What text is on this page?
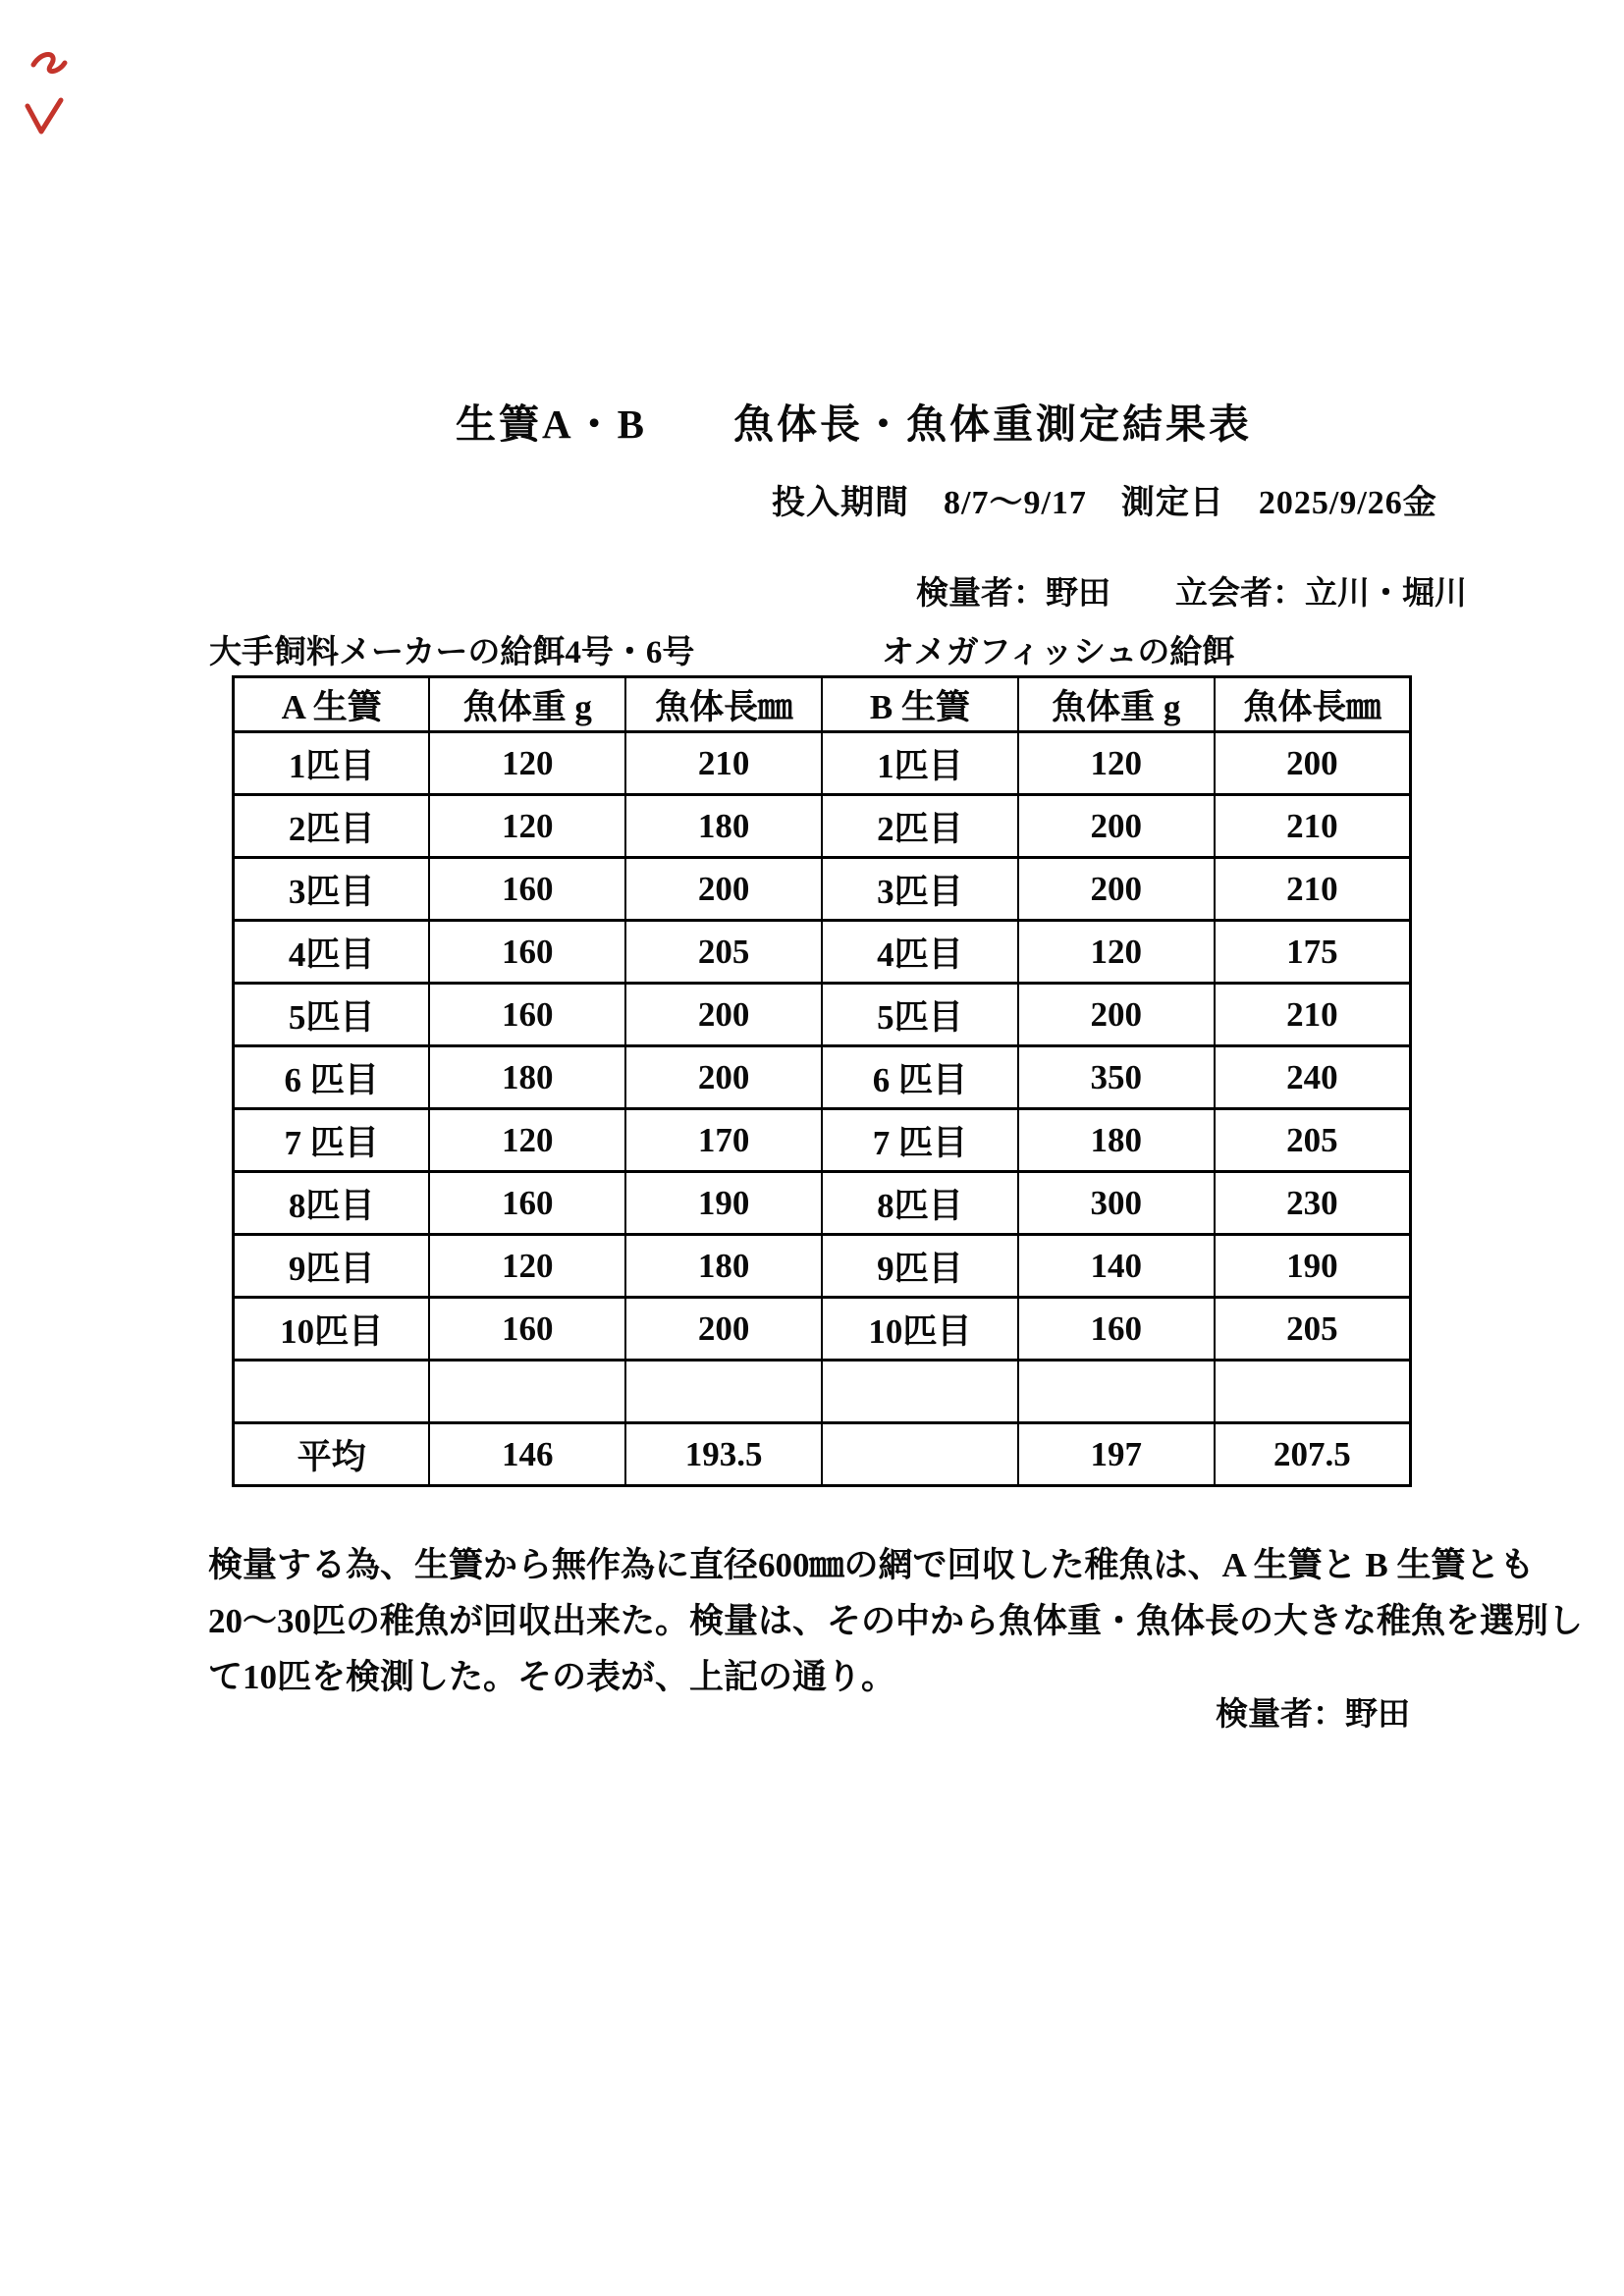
生簀A・B　　魚体長・魚体重測定結果表
投入期間　8/7～9/17　測定日　2025/9/26金
検量者：野田　　立会者：立川・堀川
大手飼料メーカーの給餌4号・6号	オメガフィッシュの給餌
A 生簀	魚体重 g	魚体長㎜	B 生簀	魚体重 g	魚体長㎜
1匹目	120	210	1匹目	120	200
2匹目	120	180	2匹目	200	210
3匹目	160	200	3匹目	200	210
4匹目	160	205	4匹目	120	175
5匹目	160	200	5匹目	200	210
6 匹目	180	200	6 匹目	350	240
7 匹目	120	170	7 匹目	180	205
8匹目	160	190	8匹目	300	230
9匹目	120	180	9匹目	140	190
10匹目	160	200	10匹目	160	205

平均	146	193.5		197	207.5
検量する為、生簀から無作為に直径600㎜の網で回収した稚魚は、A 生簀と B 生簀とも
20～30匹の稚魚が回収出来た。検量は、その中から魚体重・魚体長の大きな稚魚を選別し
て10匹を検測した。その表が、上記の通り。
検量者：野田
